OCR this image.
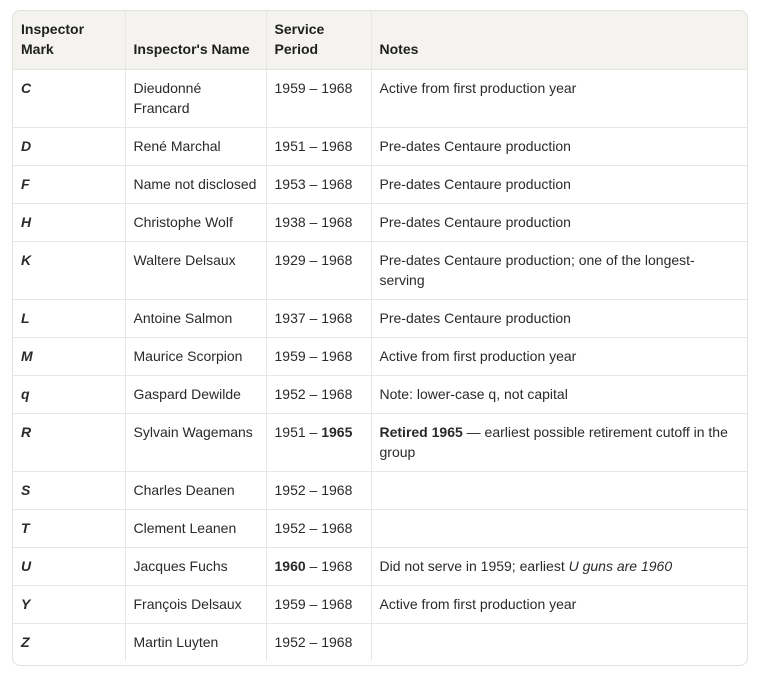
Inspector Mark	Inspector's Name	Service Period	Notes
C	Dieudonné Francard	1959 – 1968	Active from first production year
D	René Marchal	1951 – 1968	Pre-dates Centaure production
F	Name not disclosed	1953 – 1968	Pre-dates Centaure production
H	Christophe Wolf	1938 – 1968	Pre-dates Centaure production
K	Waltere Delsaux	1929 – 1968	Pre-dates Centaure production; one of the longest-serving
L	Antoine Salmon	1937 – 1968	Pre-dates Centaure production
M	Maurice Scorpion	1959 – 1968	Active from first production year
q	Gaspard Dewilde	1952 – 1968	Note: lower-case q, not capital
R	Sylvain Wagemans	1951 – 1965	Retired 1965 — earliest possible retirement cutoff in the group
S	Charles Deanen	1952 – 1968	
T	Clement Leanen	1952 – 1968	
U	Jacques Fuchs	1960 – 1968	Did not serve in 1959; earliest U guns are 1960
Y	François Delsaux	1959 – 1968	Active from first production year
Z	Martin Luyten	1952 – 1968	
